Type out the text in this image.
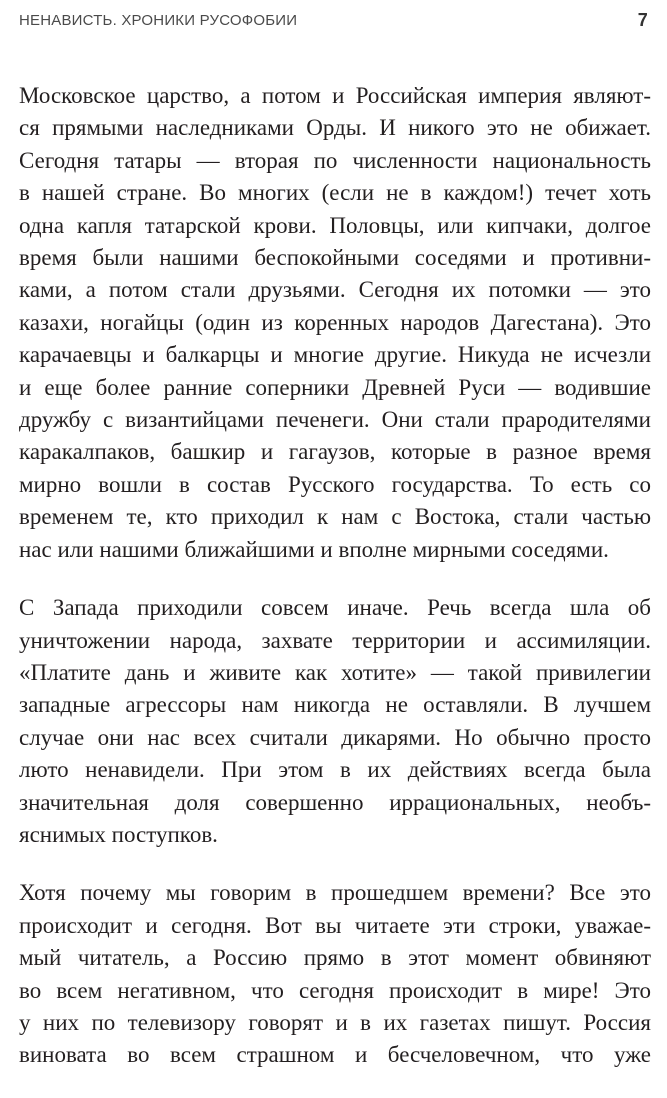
НЕНАВИСТЬ. ХРОНИКИ РУСОФОБИИ	7

Московское царство, а потом и Российская империя являют-
ся прямыми наследниками Орды. И никого это не обижает.
Сегодня татары — вторая по численности национальность
в нашей стране. Во многих (если не в каждом!) течет хоть
одна капля татарской крови. Половцы, или кипчаки, долгое
время были нашими беспокойными соседями и противни-
ками, а потом стали друзьями. Сегодня их потомки — это
казахи, ногайцы (один из коренных народов Дагестана). Это
карачаевцы и балкарцы и многие другие. Никуда не исчезли
и еще более ранние соперники Древней Руси — водившие
дружбу с византийцами печенеги. Они стали прародителями
каракалпаков, башкир и гагаузов, которые в разное время
мирно вошли в состав Русского государства. То есть со
временем те, кто приходил к нам с Востока, стали частью
нас или нашими ближайшими и вполне мирными соседями.

С Запада приходили совсем иначе. Речь всегда шла об
уничтожении народа, захвате территории и ассимиляции.
«Платите дань и живите как хотите» — такой привилегии
западные агрессоры нам никогда не оставляли. В лучшем
случае они нас всех считали дикарями. Но обычно просто
люто ненавидели. При этом в их действиях всегда была
значительная доля совершенно иррациональных, необъ-
яснимых поступков.

Хотя почему мы говорим в прошедшем времени? Все это
происходит и сегодня. Вот вы читаете эти строки, уважае-
мый читатель, а Россию прямо в этот момент обвиняют
во всем негативном, что сегодня происходит в мире! Это
у них по телевизору говорят и в их газетах пишут. Россия
виновата во всем страшном и бесчеловечном, что уже
